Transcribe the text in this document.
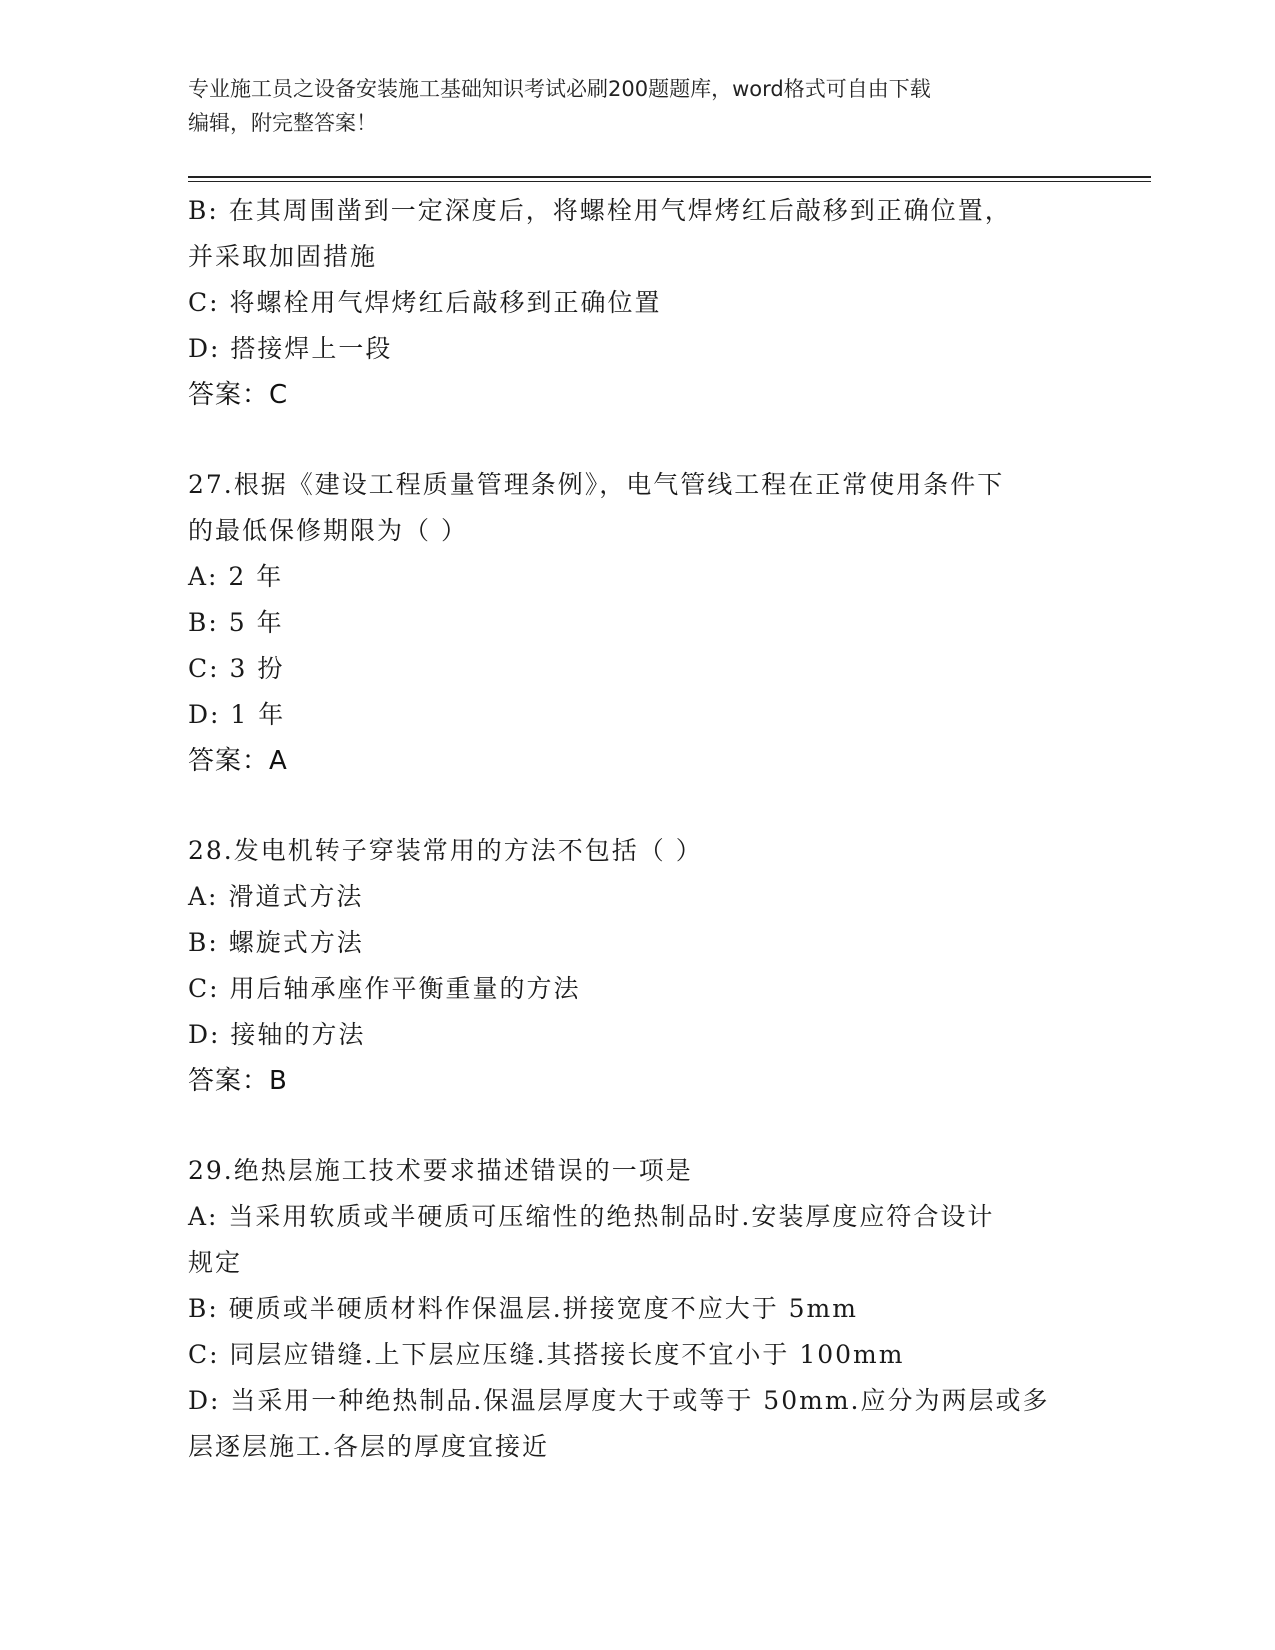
专业施工员之设备安装施工基础知识考试必刷200题题库，word格式可自由下载
编辑，附完整答案！
B: 在其周围凿到一定深度后，将螺栓用气焊烤红后敲移到正确位置，
并采取加固措施
C: 将螺栓用气焊烤红后敲移到正确位置
D: 搭接焊上一段
答案：C
27.根据《建设工程质量管理条例》，电气管线工程在正常使用条件下
的最低保修期限为（ ）
A: 2 年
B: 5 年
C: 3 扮
D: 1 年
答案：A
28.发电机转子穿装常用的方法不包括（ ）
A: 滑道式方法
B: 螺旋式方法
C: 用后轴承座作平衡重量的方法
D: 接轴的方法
答案：B
29.绝热层施工技术要求描述错误的一项是
A: 当采用软质或半硬质可压缩性的绝热制品时.安装厚度应符合设计
规定
B: 硬质或半硬质材料作保温层.拼接宽度不应大于 5mm
C: 同层应错缝.上下层应压缝.其搭接长度不宜小于 100mm
D: 当采用一种绝热制品.保温层厚度大于或等于 50mm.应分为两层或多
层逐层施工.各层的厚度宜接近
